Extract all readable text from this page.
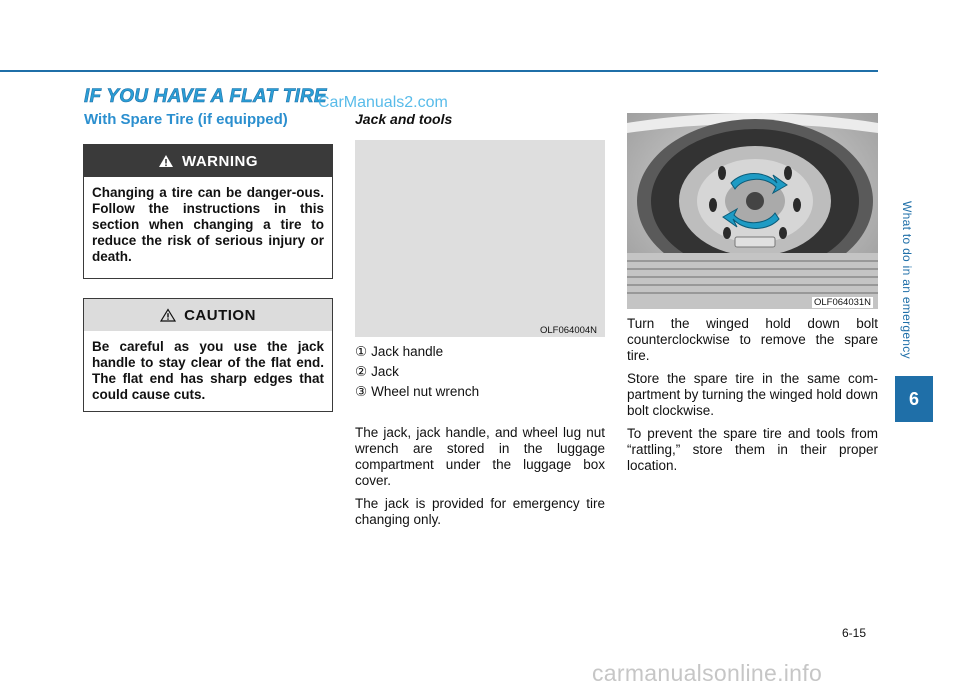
IF YOU HAVE A FLAT TIRE
CarManuals2.com
With Spare Tire (if equipped)
WARNING
Changing a tire can be danger-ous. Follow the instructions in this section when changing a tire to reduce the risk of serious injury or death.
CAUTION
Be careful as you use the jack handle to stay clear of the flat end. The flat end has sharp edges that could cause cuts.
Jack and tools
OLF064004N
① Jack handle
② Jack
③ Wheel nut wrench

The jack, jack handle, and wheel lug nut wrench are stored in the luggage compartment under the luggage box cover.

The jack is provided for emergency tire changing only.

OLF064031N

Turn the winged hold down bolt counterclockwise to remove the spare tire.

Store the spare tire in the same com-partment by turning the winged hold down bolt clockwise.

To prevent the spare tire and tools from “rattling,” store them in their proper location.

What to do in an emergency
6
6-15
carmanualsonline.info
